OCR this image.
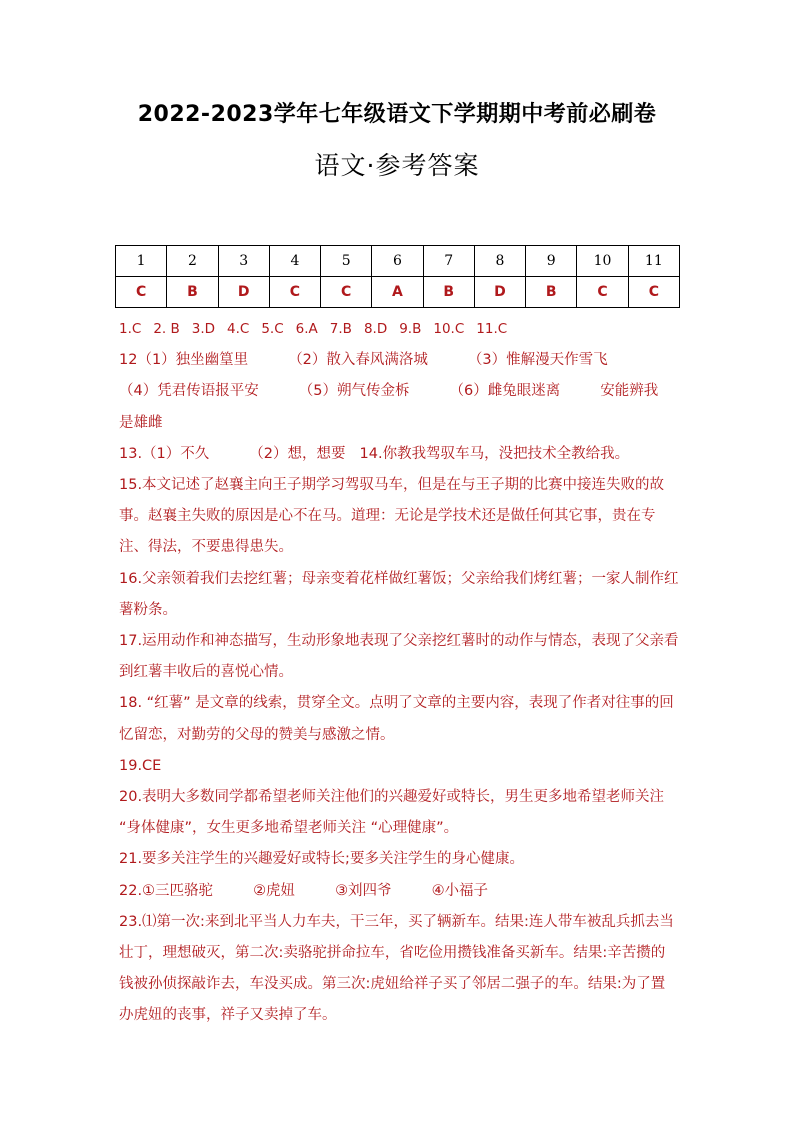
2022-2023学年七年级语文下学期期中考前必刷卷
语文·参考答案
1	2	3	4	5	6	7	8	9	10	11
C	B	D	C	C	A	B	D	B	C	C

1.C 2. B 3.D 4.C 5.C 6.A 7.B 8.D 9.B 10.C 11.C

12（1）独坐幽篁里	（2）散入春风满洛城	（3）惟解漫天作雪飞
（4）凭君传语报平安	（5）朔气传金柝	（6）雌兔眼迷离	安能辨我
是雄雌

13.（1）不久	（2）想，想要 14.你教我驾驭车马，没把技术全教给我。

15.本文记述了赵襄主向王子期学习驾驭马车，但是在与王子期的比赛中接连失败的故事。赵襄主失败的原因是心不在马。道理：无论是学技术还是做任何其它事，贵在专注、得法，不要患得患失。

16.父亲领着我们去挖红薯；母亲变着花样做红薯饭；父亲给我们烤红薯；一家人制作红薯粉条。

17.运用动作和神态描写，生动形象地表现了父亲挖红薯时的动作与情态，表现了父亲看到红薯丰收后的喜悦心情。

18. “红薯” 是文章的线索，贯穿全文。点明了文章的主要内容，表现了作者对往事的回忆留恋，对勤劳的父母的赞美与感激之情。

19.CE

20.表明大多数同学都希望老师关注他们的兴趣爱好或特长，男生更多地希望老师关注 “身体健康”，女生更多地希望老师关注 “心理健康”。

21.要多关注学生的兴趣爱好或特长;要多关注学生的身心健康。

22.①三匹骆驼	②虎妞	③刘四爷	④小福子

23.⑴第一次:来到北平当人力车夫，干三年，买了辆新车。结果:连人带车被乱兵抓去当壮丁，理想破灭，第二次:卖骆驼拼命拉车，省吃俭用攒钱准备买新车。结果:辛苦攒的钱被孙侦探敲诈去，车没买成。第三次:虎妞给祥子买了邻居二强子的车。结果:为了置办虎妞的丧事，祥子又卖掉了车。
